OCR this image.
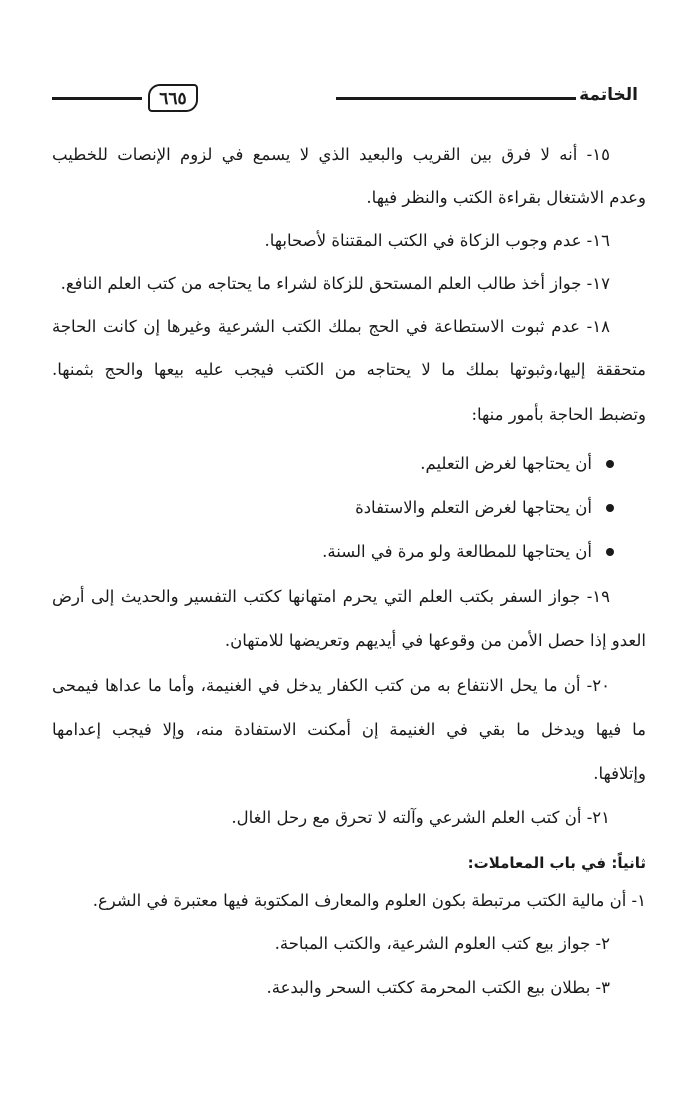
الخاتمة
٦٦٥
١٥- أنه لا فرق بين القريب والبعيد الذي لا يسمع في لزوم الإنصات للخطيب
وعدم الاشتغال بقراءة الكتب والنظر فيها.
١٦- عدم وجوب الزكاة في الكتب المقتناة لأصحابها.
١٧- جواز أخذ طالب العلم المستحق للزكاة لشراء ما يحتاجه من كتب العلم النافع.
١٨- عدم ثبوت الاستطاعة في الحج بملك الكتب الشرعية وغيرها إن كانت الحاجة
متحققة إليها،وثبوتها بملك ما لا يحتاجه من الكتب فيجب عليه بيعها والحج بثمنها.
وتضبط الحاجة بأمور منها:
أن يحتاجها لغرض التعليم.
أن يحتاجها لغرض التعلم والاستفادة
أن يحتاجها للمطالعة ولو مرة في السنة.
١٩- جواز السفر بكتب العلم التي يحرم امتهانها ككتب التفسير والحديث إلى أرض
العدو إذا حصل الأمن من وقوعها في أيديهم وتعريضها للامتهان.
٢٠- أن ما يحل الانتفاع به من كتب الكفار يدخل في الغنيمة، وأما ما عداها فيمحى
ما فيها ويدخل ما بقي في الغنيمة إن أمكنت الاستفادة منه، وإلا فيجب إعدامها
وإتلافها.
٢١- أن كتب العلم الشرعي وآلته لا تحرق مع رحل الغال.
ثانياً: في باب المعاملات:
١- أن مالية الكتب مرتبطة بكون العلوم والمعارف المكتوبة فيها معتبرة في الشرع.
٢- جواز بيع كتب العلوم الشرعية، والكتب المباحة.
٣- بطلان بيع الكتب المحرمة ككتب السحر والبدعة.
